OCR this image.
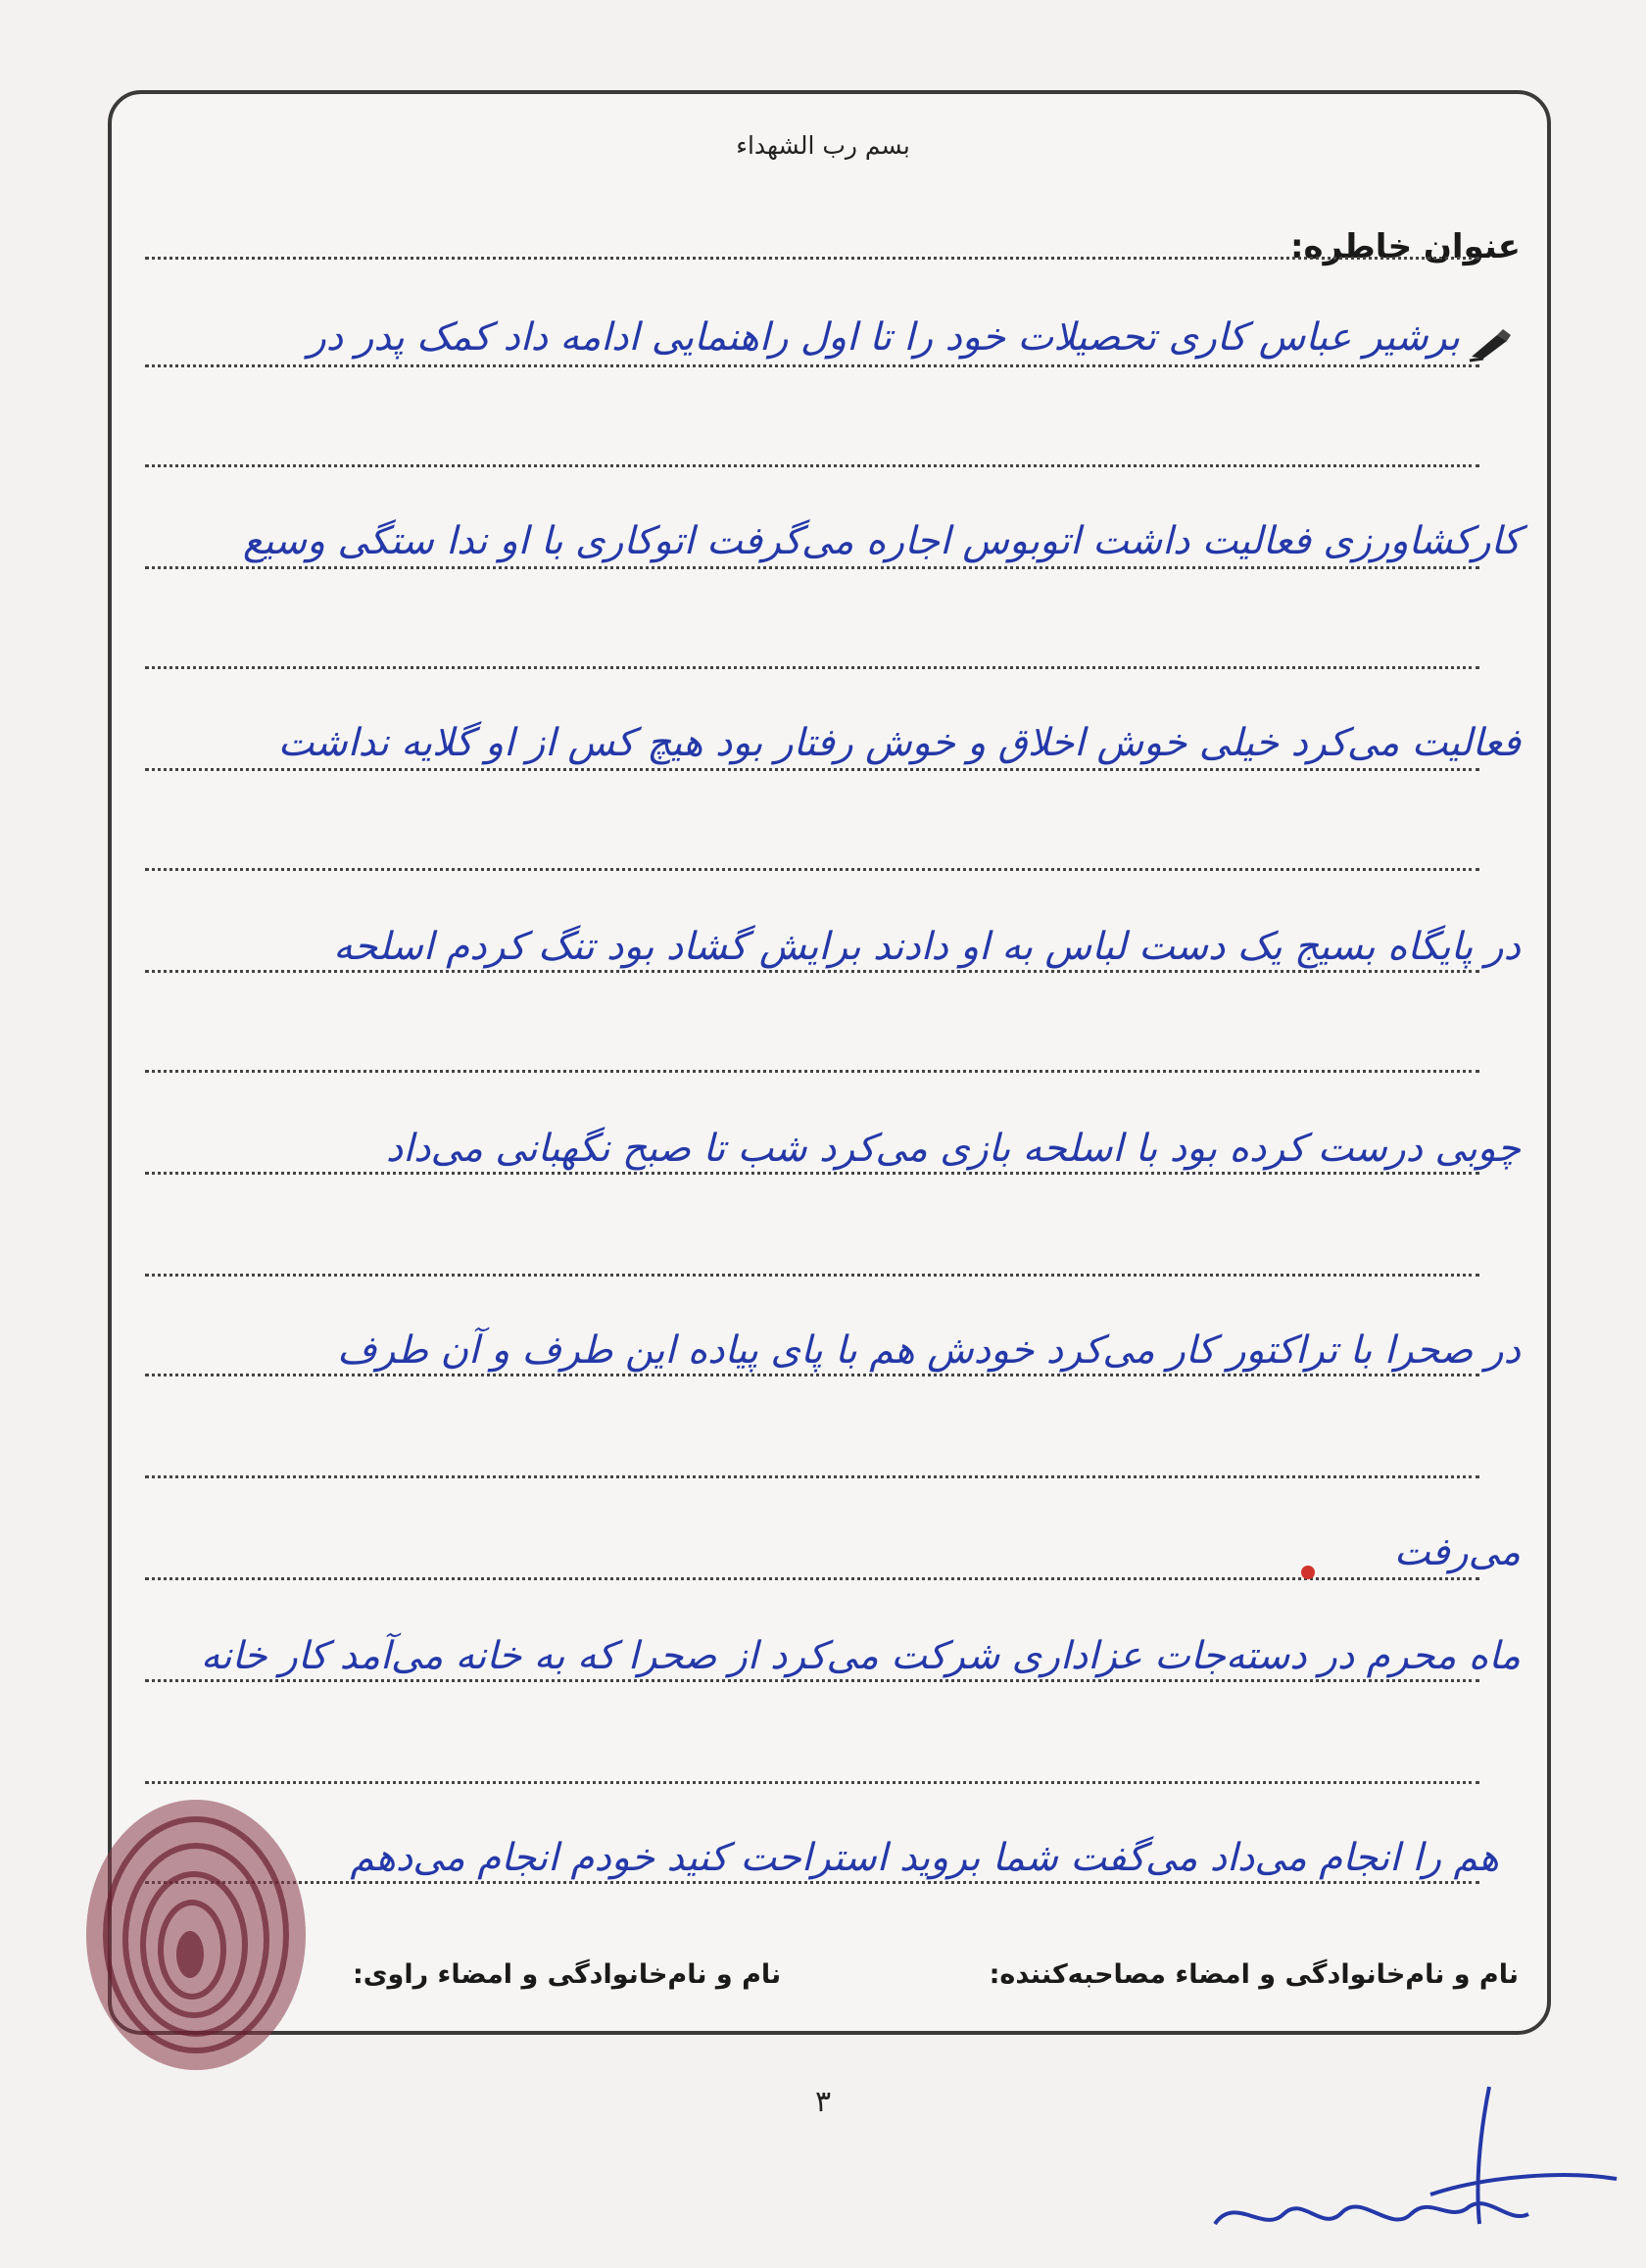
بسم رب الشهداء
عنوان خاطره:
برشیر عباس کاری تحصیلات خود را تا اول راهنمایی ادامه داد کمک پدر در
کارکشاورزی فعالیت داشت اتوبوس اجاره می‌گرفت اتوکاری با او ندا ستگی وسیع
فعالیت می‌کرد خیلی خوش اخلاق و خوش رفتار بود هیچ کس از او گلایه نداشت
در پایگاه بسیج یک دست لباس به او دادند برایش گشاد بود تنگ کردم اسلحه
چوبی درست کرده بود با اسلحه بازی می‌کرد شب تا صبح نگهبانی می‌داد
در صحرا با تراکتور کار می‌کرد خودش هم با پای پیاده این طرف و آن طرف
می‌رفت
ماه محرم در دسته‌جات عزاداری شرکت می‌کرد از صحرا که به خانه می‌آمد کار خانه
هم را انجام می‌داد می‌گفت شما بروید استراحت کنید خودم انجام می‌دهم
نام و نام‌خانوادگی و امضاء مصاحبه‌کننده:
نام و نام‌خانوادگی و امضاء راوی:
۳
